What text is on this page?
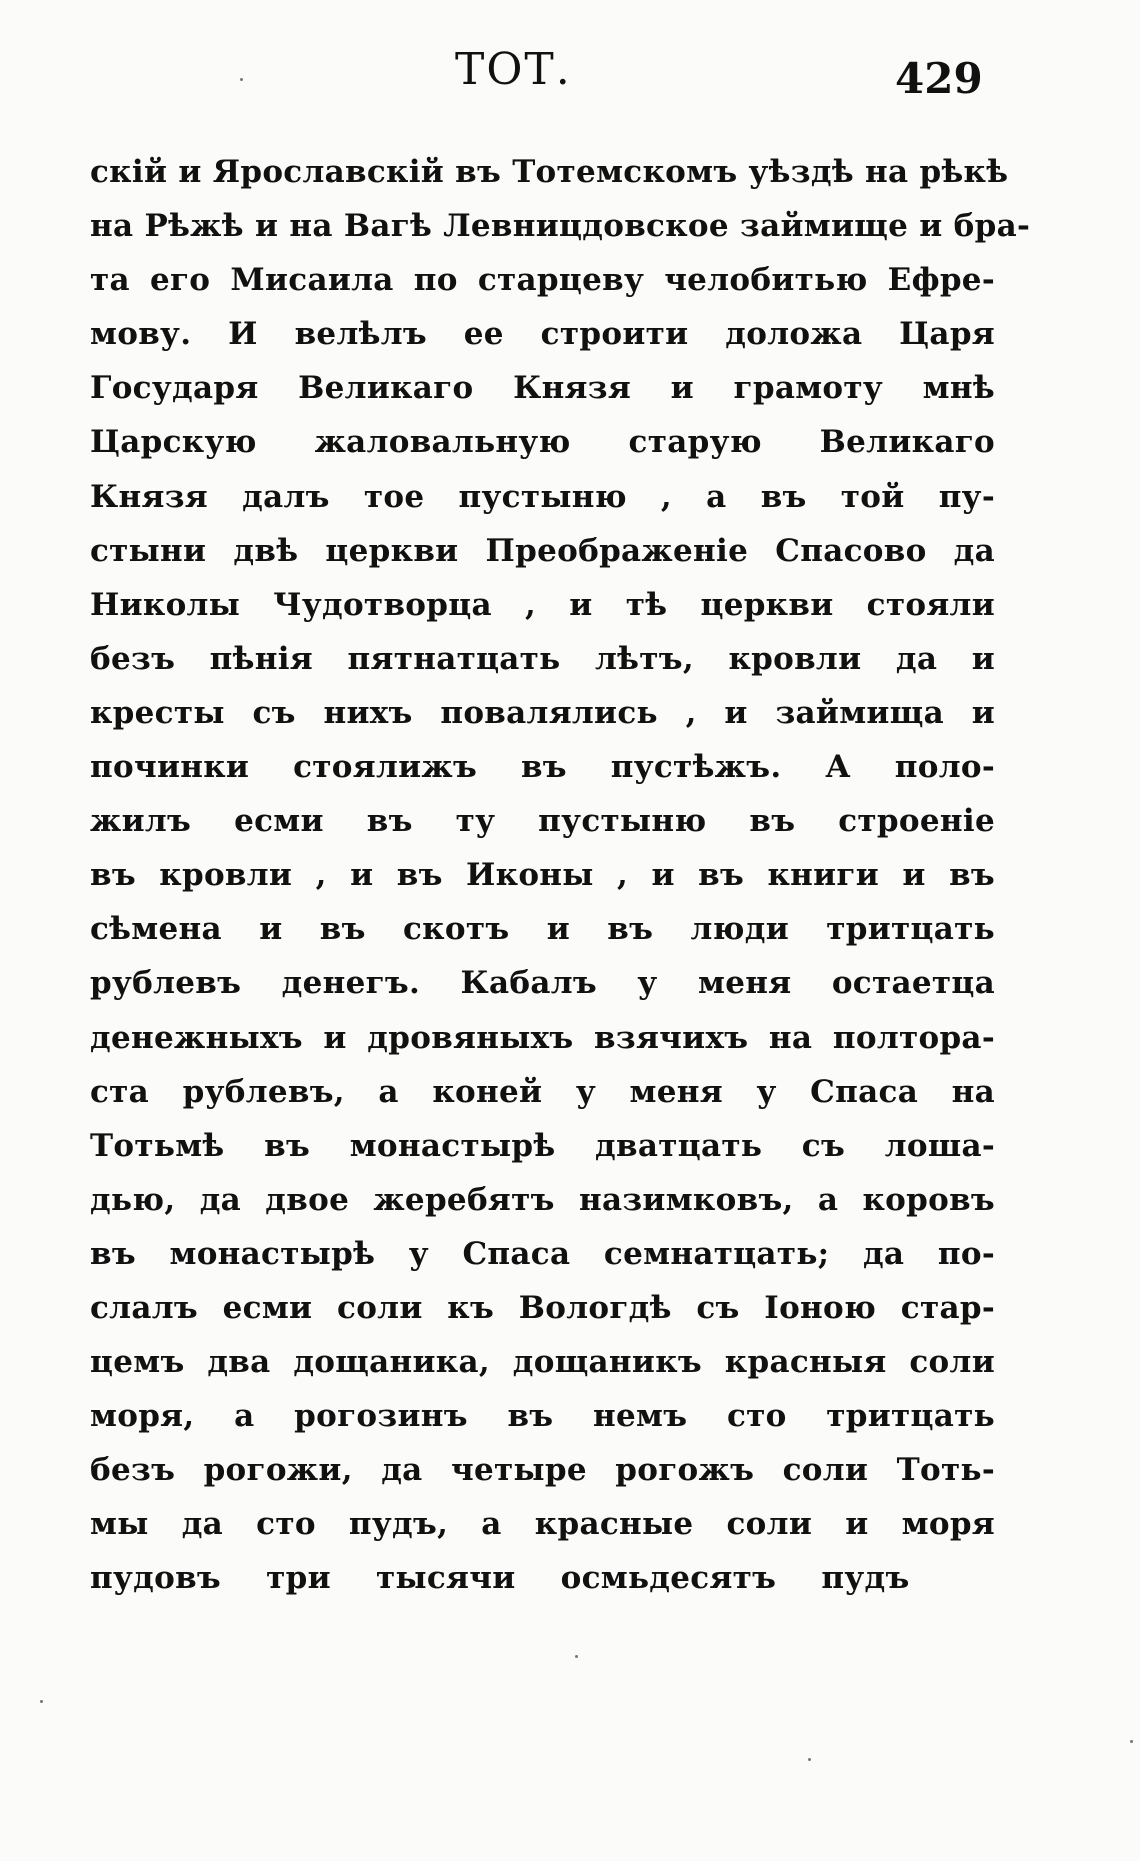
ТОТ.	429
скій и Ярославскій въ Тотемскомъ уѣздѣ на рѣкѣ
на Рѣжѣ и на Вагѣ Левницдовское займище и бра-
та его Мисаила по старцеву челобитью Ефре-
мову. И велѣлъ ее строити доложа Царя
Государя Великаго Князя и грамоту мнѣ
Царскую жаловальную старую Великаго
Князя далъ тое пустыню , а въ той пу-
стыни двѣ церкви Преображеніе Спасово да
Николы Чудотворца , и тѣ церкви стояли
безъ пѣнія пятнатцать лѣтъ, кровли да и
кресты съ нихъ повалялись , и займища и
починки стоялижъ въ пустѣжъ. А поло-
жилъ есми въ ту пустыню въ строеніе
въ кровли , и въ Иконы , и въ книги и въ
сѣмена и въ скотъ и въ люди тритцать
рублевъ денегъ. Кабалъ у меня остаетца
денежныхъ и дровяныхъ взячихъ на полтора-
ста рублевъ, а коней у меня у Спаса на
Тотьмѣ въ монастырѣ дватцать съ лоша-
дью, да двое жеребятъ назимковъ, а коровъ
въ монастырѣ у Спаса семнатцать; да по-
слалъ есми соли къ Вологдѣ съ Іоною стар-
цемъ два дощаника, дощаникъ красныя соли
моря, а рогозинъ въ немъ сто тритцать
безъ рогожи, да четыре рогожъ соли Тоть-
мы да сто пудъ, а красные соли и моря
пудовъ три тысячи осмьдесятъ пудъ
